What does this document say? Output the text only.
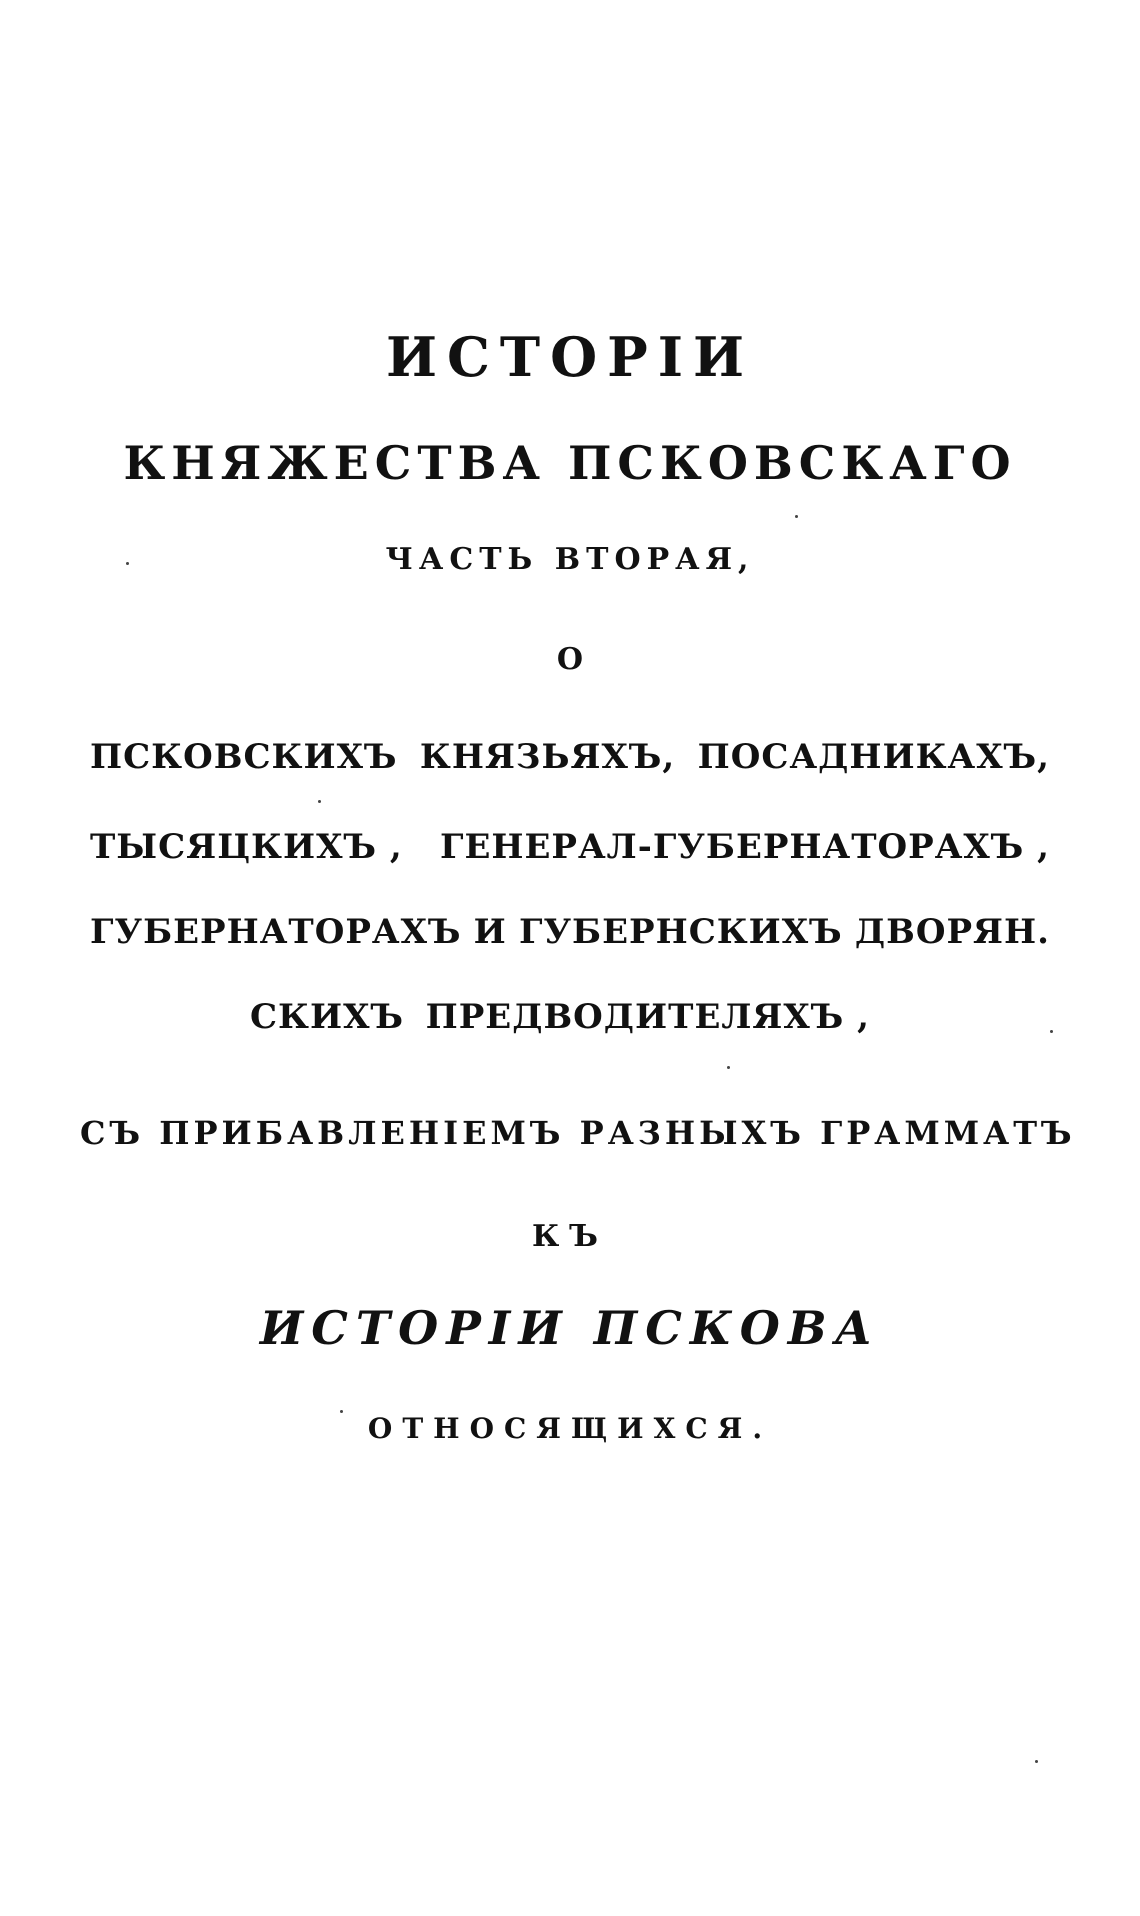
ИСТОРІИ
КНЯЖЕСТВА ПСКОВСКАГО
ЧАСТЬ ВТОРАЯ,
О
ПСКОВСКИХЪ КНЯЗЬЯХЪ, ПОСАДНИКАХЪ,
ТЫСЯЦКИХЪ , ГЕНЕРАЛ-ГУБЕРНАТОРАХЪ ,
ГУБЕРНАТОРАХЪ И ГУБЕРНСКИХЪ ДВОРЯН.
СКИХЪ ПРЕДВОДИТЕЛЯХЪ ,
СЪ ПРИБАВЛЕНІЕМЪ РАЗНЫХЪ ГРАММАТЪ
КЪ
ИСТОРІИ ПСКОВА
ОТНОСЯЩИХСЯ.
